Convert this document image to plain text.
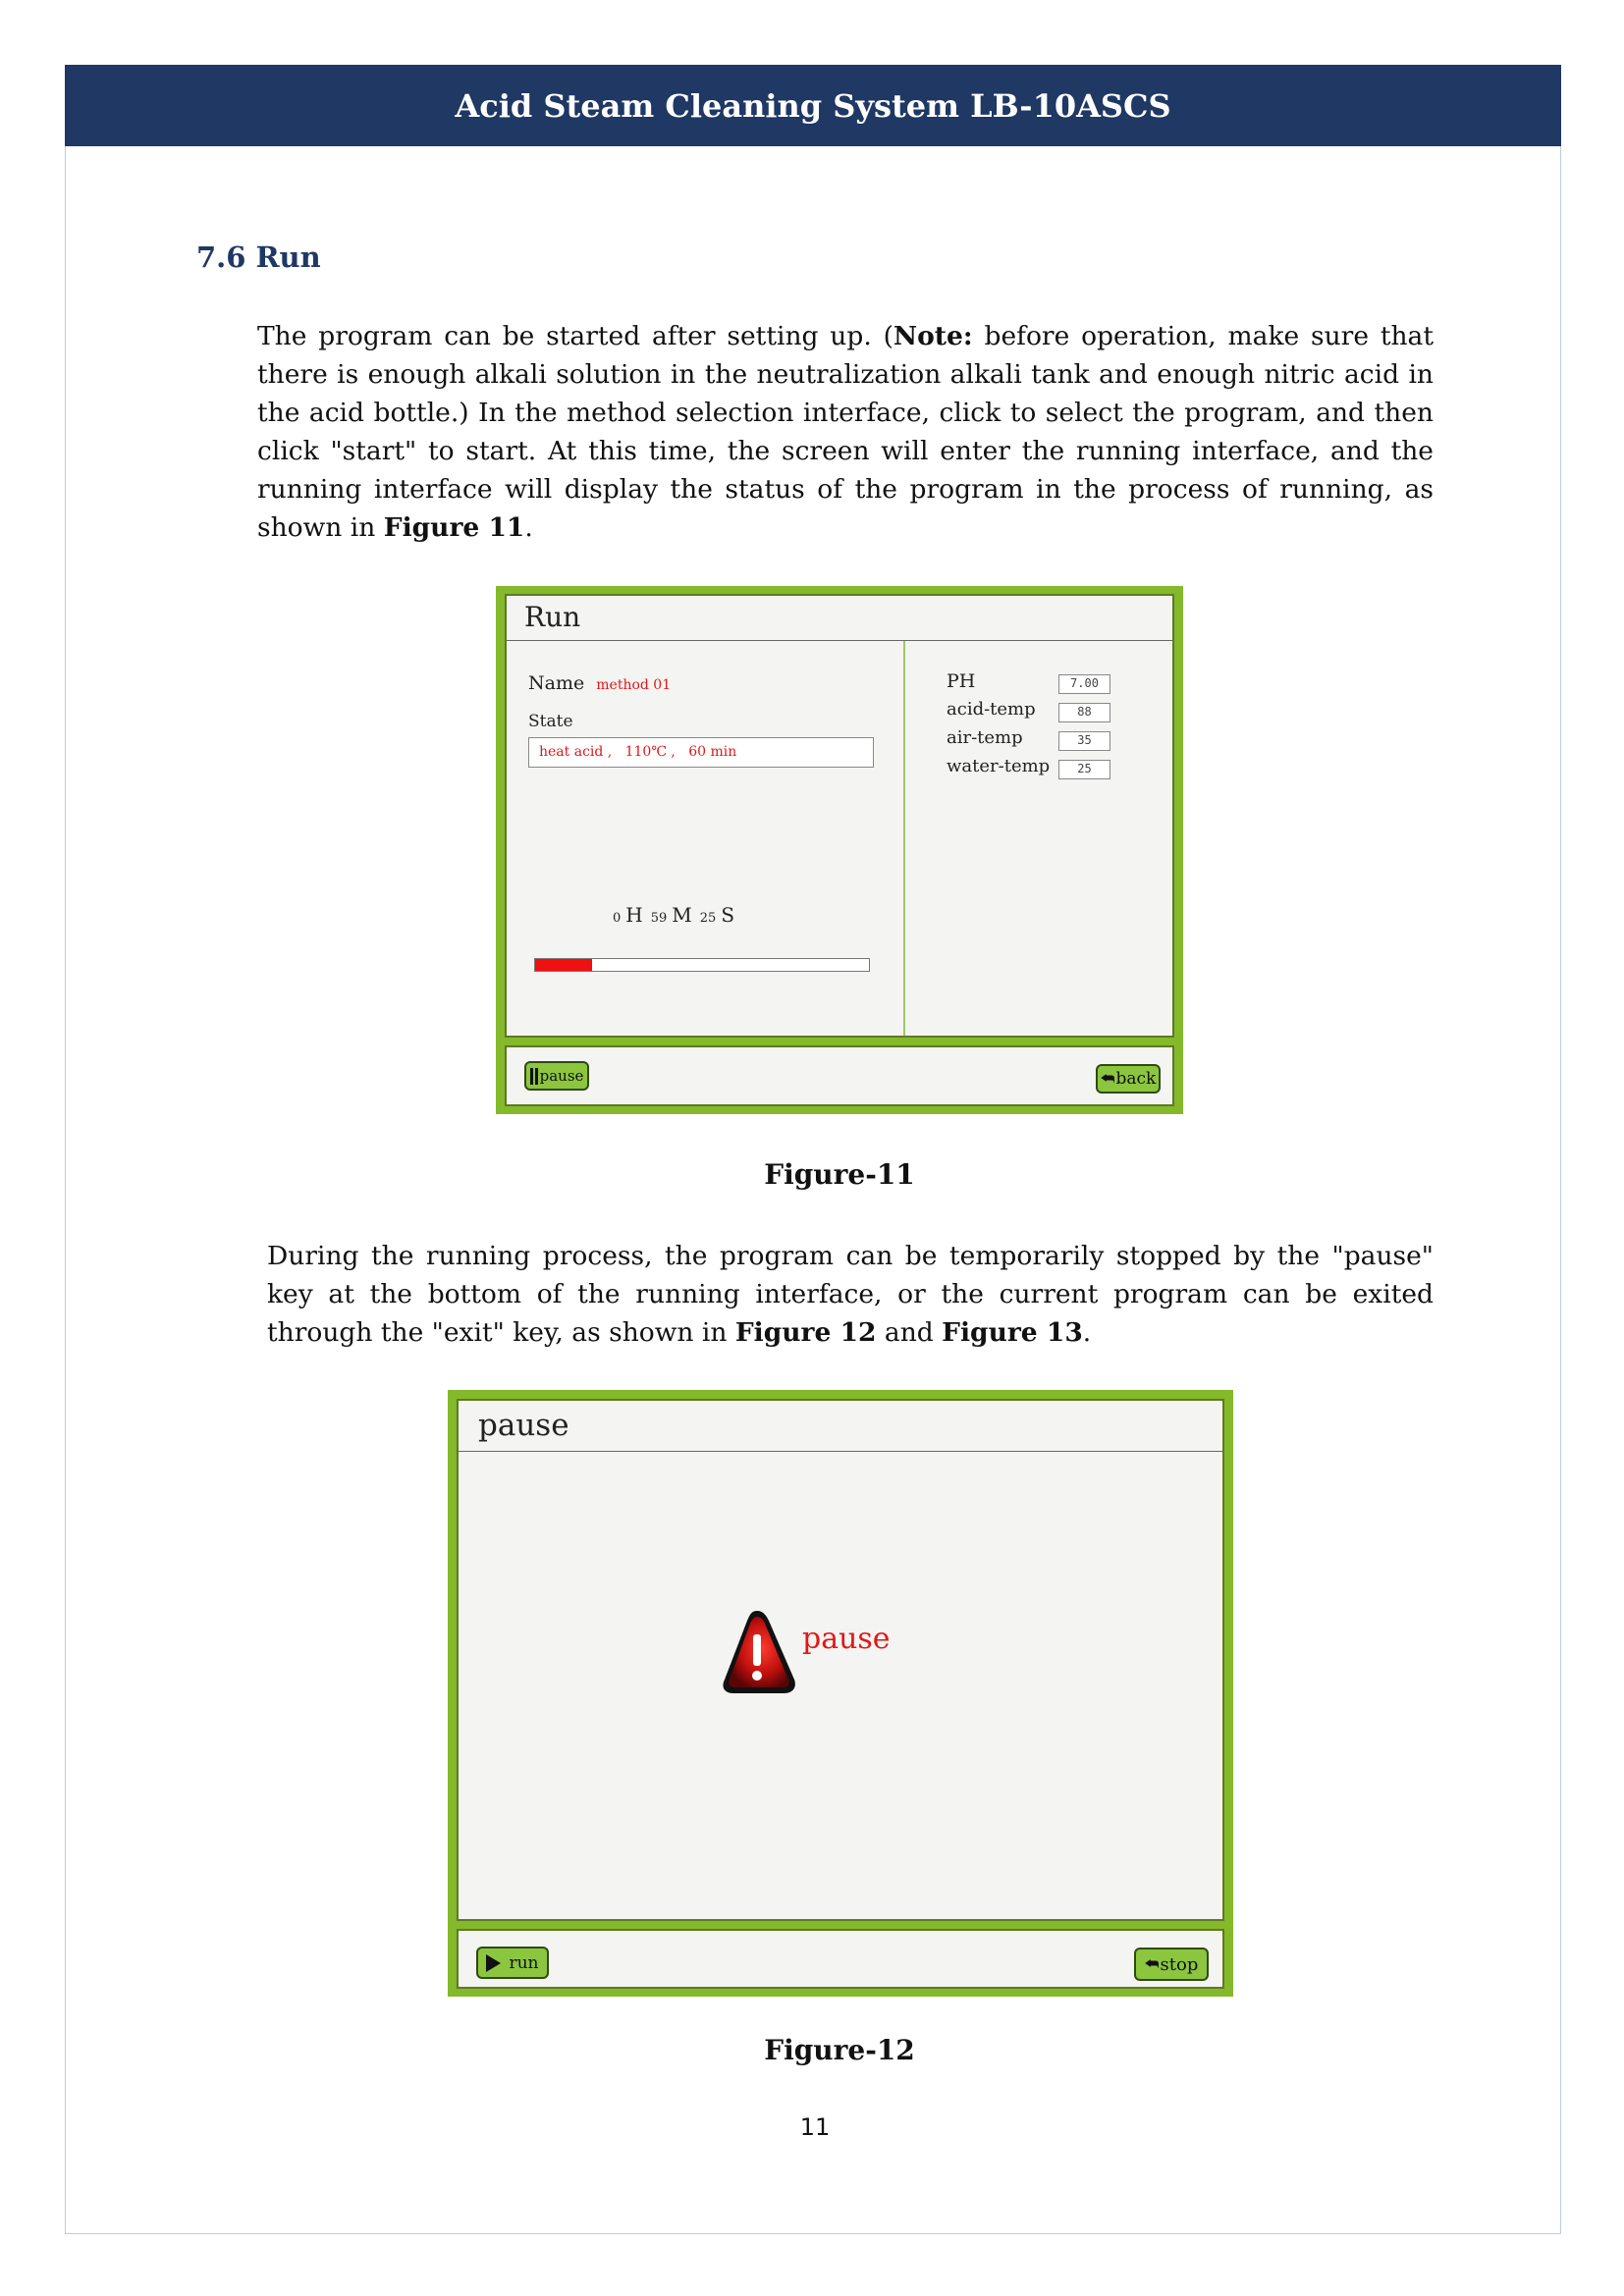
Acid Steam Cleaning System LB-10ASCS
7.6 Run

The program can be started after setting up. (Note: before operation, make sure that there is enough alkali solution in the neutralization alkali tank and enough nitric acid in the acid bottle.) In the method selection interface, click to select the program, and then click "start" to start. At this time, the screen will enter the running interface, and the running interface will display the status of the program in the process of running, as shown in Figure 11.

Run
Name method 01
State
heat acid ,   110℃ ,   60 min
0 H 59 M 25 S
PH	7.00
acid-temp	88
air-temp	35
water-temp	25
pause	⮪ back
Figure-11

During the running process, the program can be temporarily stopped by the "pause" key at the bottom of the running interface, or the current program can be exited through the "exit" key, as shown in Figure 12 and Figure 13.

pause
pause
run	⮪ stop
Figure-12
11
